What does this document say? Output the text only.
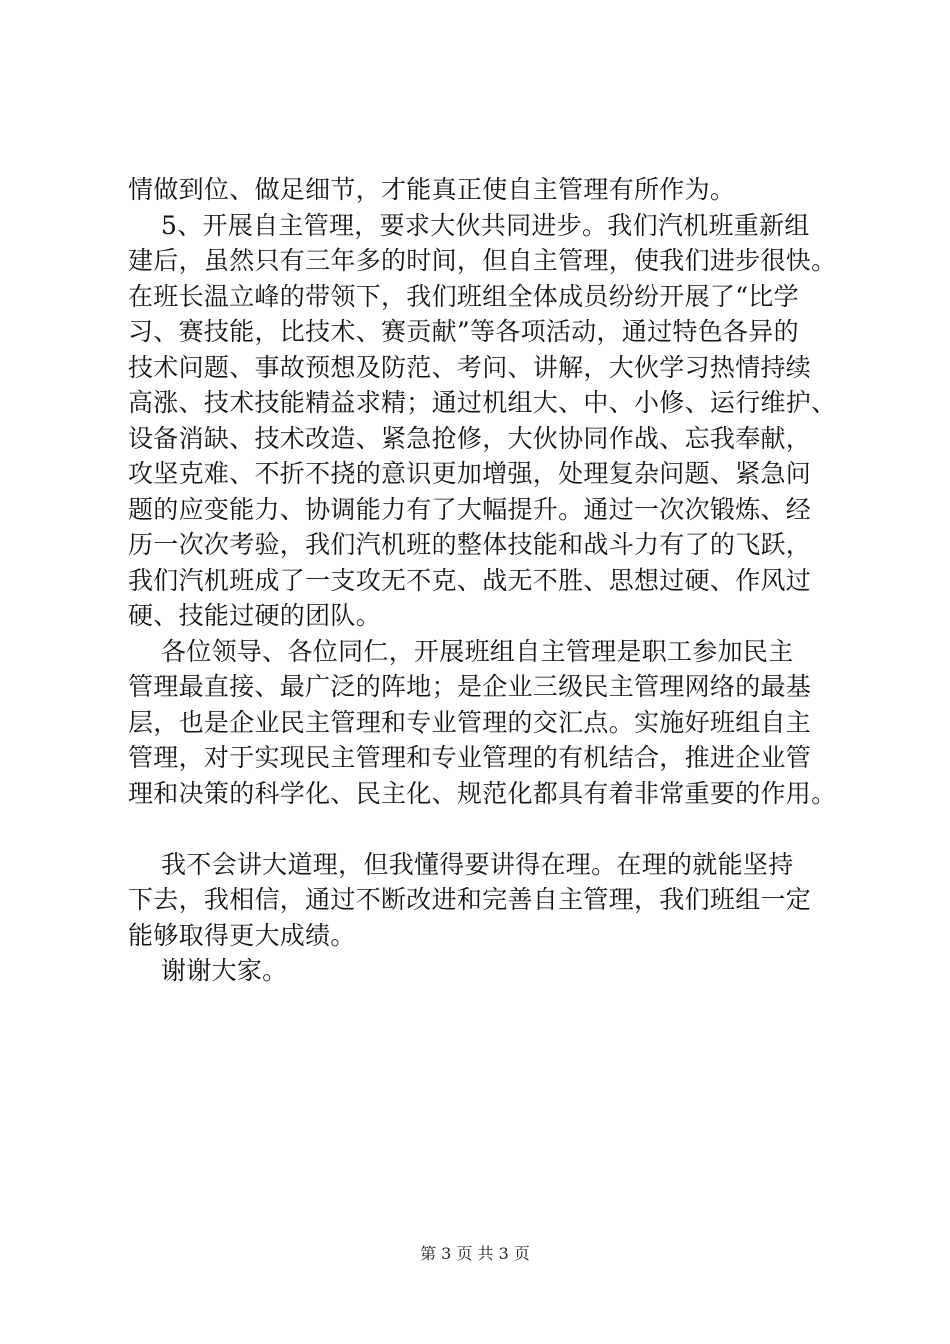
情做到位、做足细节，才能真正使自主管理有所作为。
5、开展自主管理，要求大伙共同进步。我们汽机班重新组
建后，虽然只有三年多的时间，但自主管理，使我们进步很快。
在班长温立峰的带领下，我们班组全体成员纷纷开展了“比学
习、赛技能，比技术、赛贡献”等各项活动，通过特色各异的
技术问题、事故预想及防范、考问、讲解，大伙学习热情持续
高涨、技术技能精益求精；通过机组大、中、小修、运行维护、
设备消缺、技术改造、紧急抢修，大伙协同作战、忘我奉献，
攻坚克难、不折不挠的意识更加增强，处理复杂问题、紧急问
题的应变能力、协调能力有了大幅提升。通过一次次锻炼、经
历一次次考验，我们汽机班的整体技能和战斗力有了的飞跃，
我们汽机班成了一支攻无不克、战无不胜、思想过硬、作风过
硬、技能过硬的团队。
各位领导、各位同仁，开展班组自主管理是职工参加民主
管理最直接、最广泛的阵地；是企业三级民主管理网络的最基
层，也是企业民主管理和专业管理的交汇点。实施好班组自主
管理，对于实现民主管理和专业管理的有机结合，推进企业管
理和决策的科学化、民主化、规范化都具有着非常重要的作用。
我不会讲大道理，但我懂得要讲得在理。在理的就能坚持
下去，我相信，通过不断改进和完善自主管理，我们班组一定
能够取得更大成绩。
谢谢大家。
第 3 页 共 3 页
